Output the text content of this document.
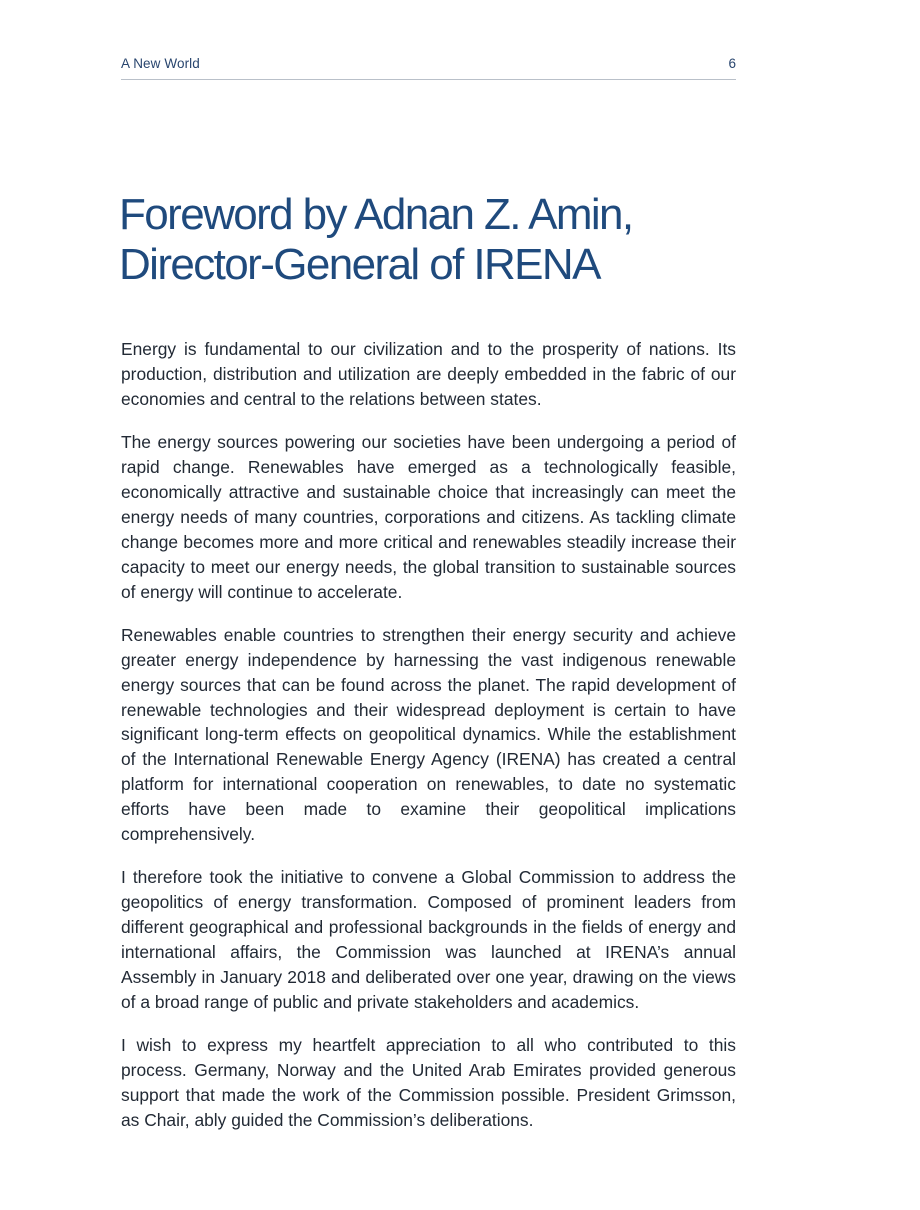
A New World	6
Foreword by Adnan Z. Amin,
Director-General of IRENA

Energy is fundamental to our civilization and to the prosperity of nations. Its production, distribution and utilization are deeply embedded in the fabric of our economies and central to the relations between states.

The energy sources powering our societies have been undergoing a period of rapid change. Renewables have emerged as a technologically feasible, economically attractive and sustainable choice that increasingly can meet the energy needs of many countries, corporations and citizens. As tackling climate change becomes more and more critical and renewables steadily increase their capacity to meet our energy needs, the global transition to sustainable sources of energy will continue to accelerate.

Renewables enable countries to strengthen their energy security and achieve greater energy independence by harnessing the vast indigenous renewable energy sources that can be found across the planet. The rapid development of renewable technologies and their widespread deployment is certain to have significant long-term effects on geopolitical dynamics. While the establishment of the International Renewable Energy Agency (IRENA) has created a central platform for international cooperation on renewables, to date no systematic efforts have been made to examine their geopolitical implications comprehensively.

I therefore took the initiative to convene a Global Commission to address the geopolitics of energy transformation. Composed of prominent leaders from different geographical and professional backgrounds in the fields of energy and international affairs, the Commission was launched at IRENA’s annual Assembly in January 2018 and deliberated over one year, drawing on the views of a broad range of public and private stakeholders and academics.

I wish to express my heartfelt appreciation to all who contributed to this process. Germany, Norway and the United Arab Emirates provided generous support that made the work of the Commission possible. President Grimsson, as Chair, ably guided the Commission’s deliberations.
